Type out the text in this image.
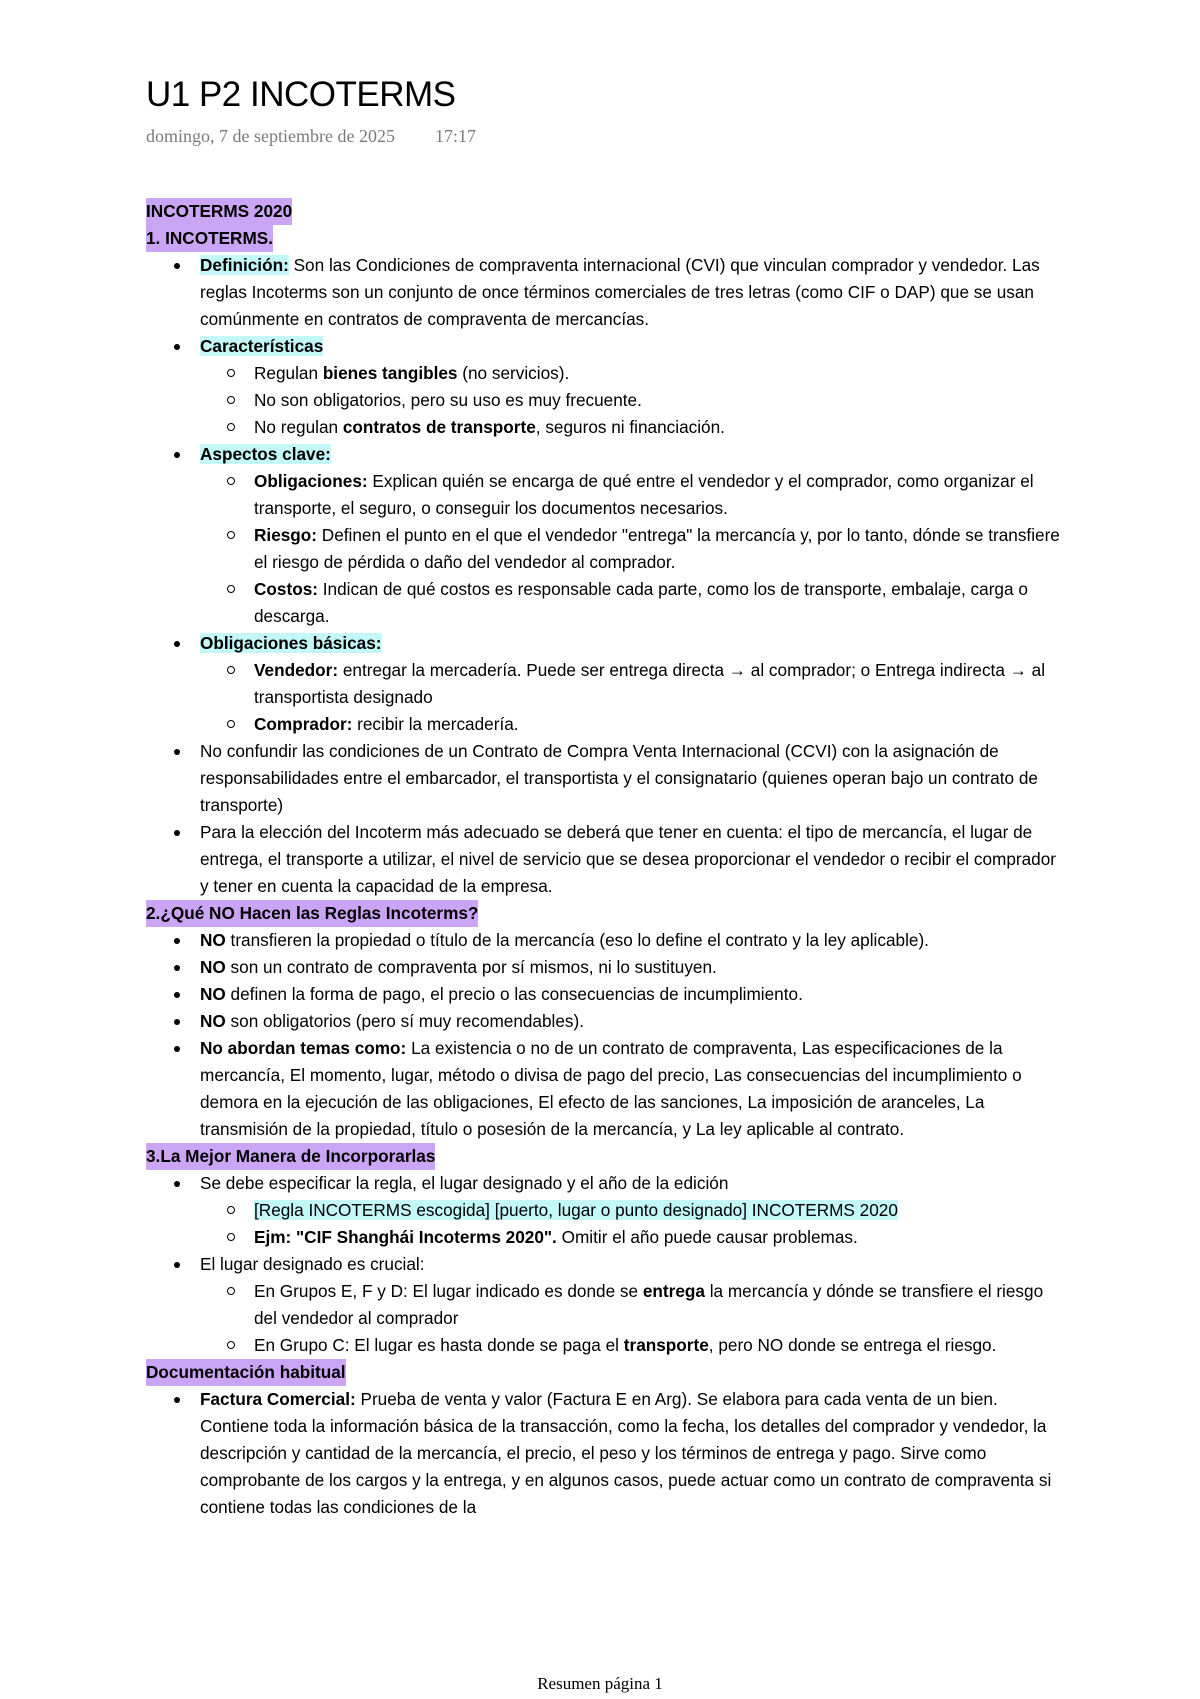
U1 P2 INCOTERMS
domingo, 7 de septiembre de 2025 17:17
INCOTERMS 2020
1. INCOTERMS.
Definición: Son las Condiciones de compraventa internacional (CVI) que vinculan comprador y vendedor. Las reglas Incoterms son un conjunto de once términos comerciales de tres letras (como CIF o DAP) que se usan comúnmente en contratos de compraventa de mercancías.
Características
Regulan bienes tangibles (no servicios).
No son obligatorios, pero su uso es muy frecuente.
No regulan contratos de transporte, seguros ni financiación.
Aspectos clave:
Obligaciones: Explican quién se encarga de qué entre el vendedor y el comprador, como organizar el transporte, el seguro, o conseguir los documentos necesarios.
Riesgo: Definen el punto en el que el vendedor "entrega" la mercancía y, por lo tanto, dónde se transfiere el riesgo de pérdida o daño del vendedor al comprador.
Costos: Indican de qué costos es responsable cada parte, como los de transporte, embalaje, carga o descarga.
Obligaciones básicas:
Vendedor: entregar la mercadería. Puede ser entrega directa → al comprador; o Entrega indirecta → al transportista designado
Comprador: recibir la mercadería.
No confundir las condiciones de un Contrato de Compra Venta Internacional (CCVI) con la asignación de responsabilidades entre el embarcador, el transportista y el consignatario (quienes operan bajo un contrato de transporte)
Para la elección del Incoterm más adecuado se deberá que tener en cuenta: el tipo de mercancía, el lugar de entrega, el transporte a utilizar, el nivel de servicio que se desea proporcionar el vendedor o recibir el comprador y tener en cuenta la capacidad de la empresa.
2.¿Qué NO Hacen las Reglas Incoterms?
NO transfieren la propiedad o título de la mercancía (eso lo define el contrato y la ley aplicable).
NO son un contrato de compraventa por sí mismos, ni lo sustituyen.
NO definen la forma de pago, el precio o las consecuencias de incumplimiento.
NO son obligatorios (pero sí muy recomendables).
No abordan temas como: La existencia o no de un contrato de compraventa, Las especificaciones de la mercancía, El momento, lugar, método o divisa de pago del precio, Las consecuencias del incumplimiento o demora en la ejecución de las obligaciones, El efecto de las sanciones, La imposición de aranceles, La transmisión de la propiedad, título o posesión de la mercancía, y La ley aplicable al contrato.
3.La Mejor Manera de Incorporarlas
Se debe especificar la regla, el lugar designado y el año de la edición
[Regla INCOTERMS escogida] [puerto, lugar o punto designado] INCOTERMS 2020
Ejm: "CIF Shanghái Incoterms 2020". Omitir el año puede causar problemas.
El lugar designado es crucial:
En Grupos E, F y D: El lugar indicado es donde se entrega la mercancía y dónde se transfiere el riesgo del vendedor al comprador
En Grupo C: El lugar es hasta donde se paga el transporte, pero NO donde se entrega el riesgo.
Documentación habitual
Factura Comercial: Prueba de venta y valor (Factura E en Arg). Se elabora para cada venta de un bien. Contiene toda la información básica de la transacción, como la fecha, los detalles del comprador y vendedor, la descripción y cantidad de la mercancía, el precio, el peso y los términos de entrega y pago. Sirve como comprobante de los cargos y la entrega, y en algunos casos, puede actuar como un contrato de compraventa si contiene todas las condiciones de la
Resumen página 1
